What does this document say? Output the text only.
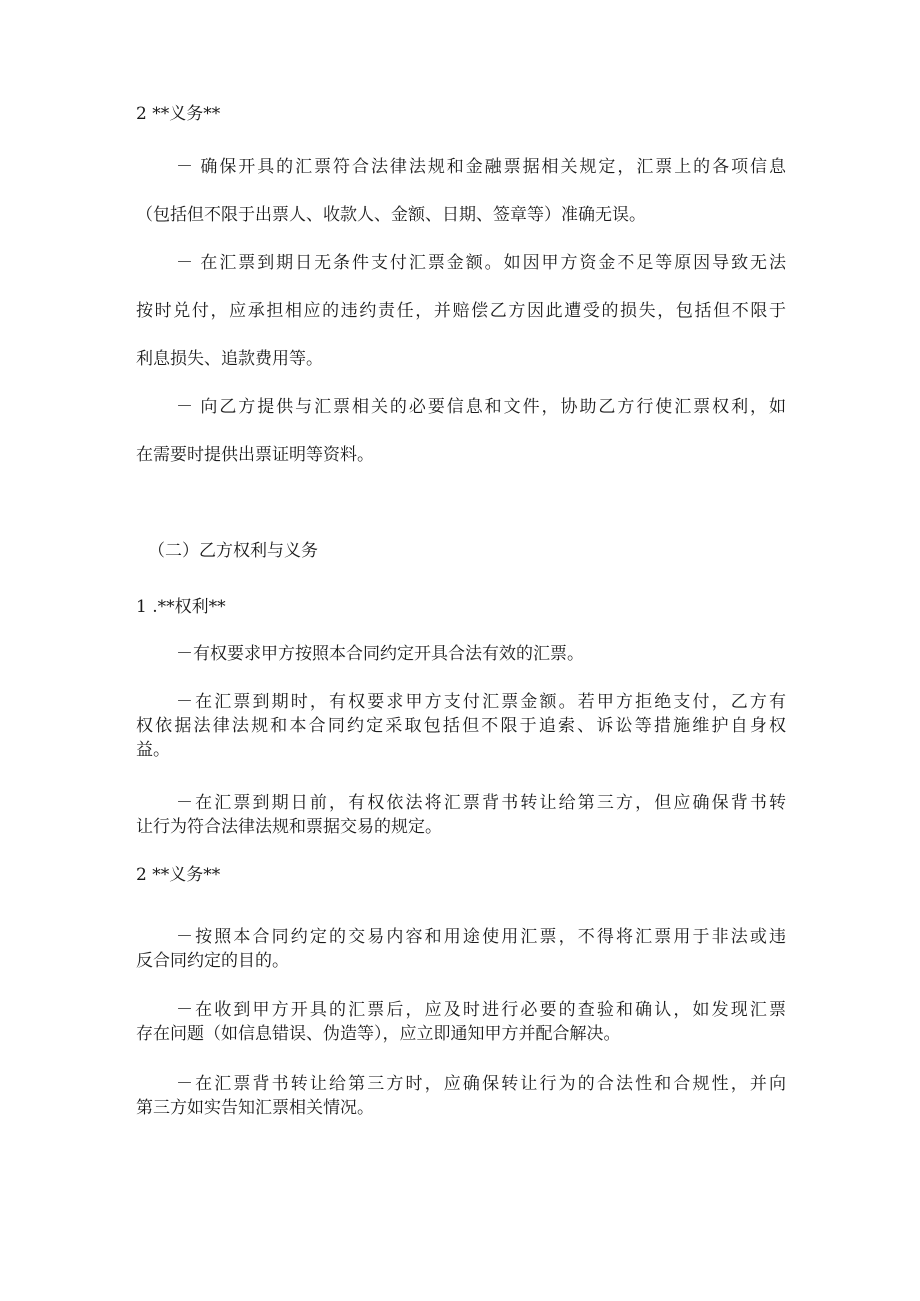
2 **义务**

－ 确保开具的汇票符合法律法规和金融票据相关规定，汇票上的各项信息
（包括但不限于出票人、收款人、金额、日期、签章等）准确无误。

－ 在汇票到期日无条件支付汇票金额。如因甲方资金不足等原因导致无法
按时兑付，应承担相应的违约责任，并赔偿乙方因此遭受的损失，包括但不限于
利息损失、追款费用等。

－ 向乙方提供与汇票相关的必要信息和文件，协助乙方行使汇票权利，如
在需要时提供出票证明等资料。

（二）乙方权利与义务

1 .**权利**

－有权要求甲方按照本合同约定开具合法有效的汇票。

－在汇票到期时，有权要求甲方支付汇票金额。若甲方拒绝支付，乙方有
权依据法律法规和本合同约定采取包括但不限于追索、诉讼等措施维护自身权
益。

－在汇票到期日前，有权依法将汇票背书转让给第三方，但应确保背书转
让行为符合法律法规和票据交易的规定。

2 **义务**

－按照本合同约定的交易内容和用途使用汇票，不得将汇票用于非法或违
反合同约定的目的。

－在收到甲方开具的汇票后，应及时进行必要的查验和确认，如发现汇票
存在问题（如信息错误、伪造等），应立即通知甲方并配合解决。

－在汇票背书转让给第三方时，应确保转让行为的合法性和合规性，并向
第三方如实告知汇票相关情况。
